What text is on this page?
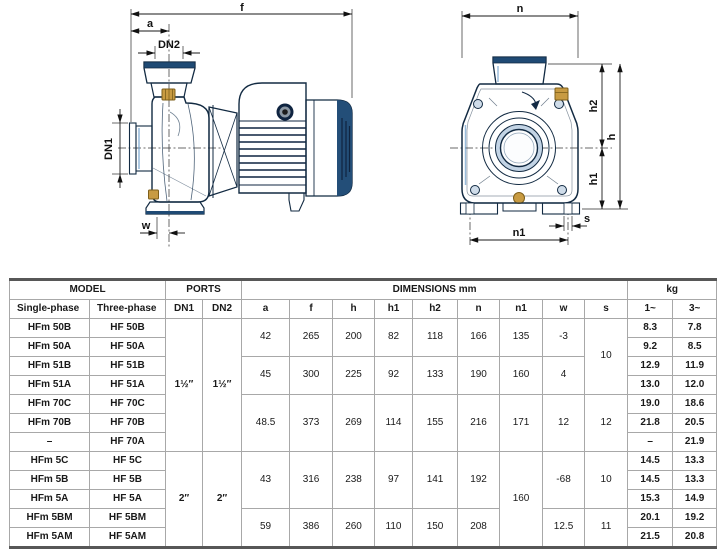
f
a
DN2
DN1
w
n
h2
h1
h
s
n1
MODEL		PORTS		DIMENSIONS mm									kg	
Single-phase	Three-phase	DN1	DN2	a	f	h	h1	h2	n	n1	w	s	1~	3~
HFm 50B	HF 50B	1½″	1½″	42	265	200	82	118	166	135	-3	10	8.3	7.8
HFm 50A	HF 50A												9.2	8.5
HFm 51B	HF 51B			45	300	225	92	133	190	160	4		12.9	11.9
HFm 51A	HF 51A												13.0	12.0
HFm 70C	HF 70C			48.5	373	269	114	155	216	171	12	12	19.0	18.6
HFm 70B	HF 70B												21.8	20.5
–	HF 70A												–	21.9
HFm 5C	HF 5C	2″	2″	43	316	238	97	141	192	160	-68	10	14.5	13.3
HFm 5B	HF 5B												14.5	13.3
HFm 5A	HF 5A												15.3	14.9
HFm 5BM	HF 5BM			59	386	260	110	150	208		12.5	11	20.1	19.2
HFm 5AM	HF 5AM												21.5	20.8
